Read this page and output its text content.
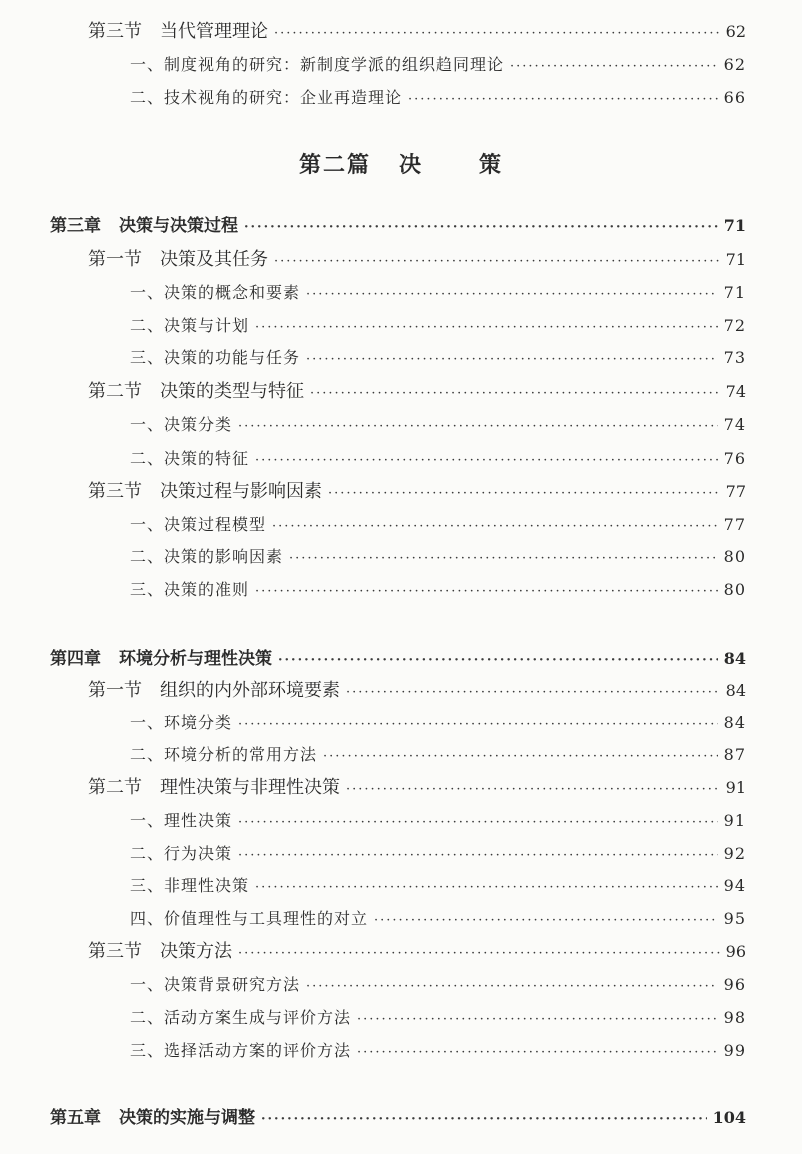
第二篇 决	策
第三节 当代管理理论 ·····	62
一、制度视角的研究：新制度学派的组织趋同理论 ·····	62
二、技术视角的研究：企业再造理论 ·····	66
第三章 决策与决策过程 ·····	71
第一节 决策及其任务 ·····	71
一、决策的概念和要素 ·····	71
二、决策与计划 ·····	72
三、决策的功能与任务 ·····	73
第二节 决策的类型与特征 ·····	74
一、决策分类 ·····	74
二、决策的特征 ·····	76
第三节 决策过程与影响因素 ·····	77
一、决策过程模型 ·····	77
二、决策的影响因素 ·····	80
三、决策的准则 ·····	80
第四章 环境分析与理性决策 ·····	84
第一节 组织的内外部环境要素 ·····	84
一、环境分类 ·····	84
二、环境分析的常用方法 ·····	87
第二节 理性决策与非理性决策 ·····	91
一、理性决策 ·····	91
二、行为决策 ·····	92
三、非理性决策 ·····	94
四、价值理性与工具理性的对立 ·····	95
第三节 决策方法 ·····	96
一、决策背景研究方法 ·····	96
二、活动方案生成与评价方法 ·····	98
三、选择活动方案的评价方法 ·····	99
第五章 决策的实施与调整 ·····	104
